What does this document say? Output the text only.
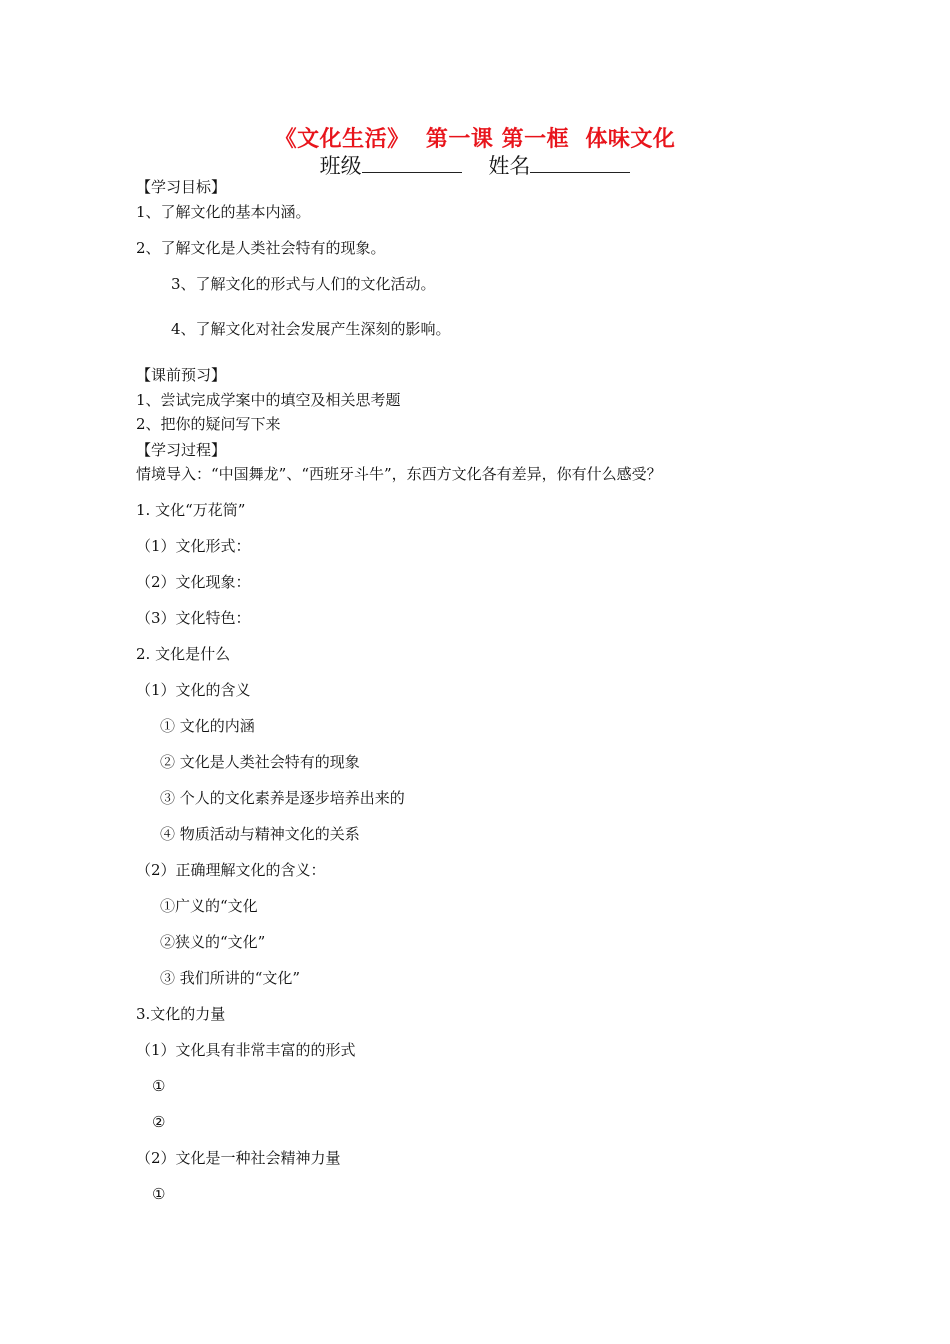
《文化生活》  第一课 第一框  体味文化
班级	姓名
【学习目标】
1、了解文化的基本内涵。
2、了解文化是人类社会特有的现象。
3、了解文化的形式与人们的文化活动。
4、了解文化对社会发展产生深刻的影响。
【课前预习】
1、尝试完成学案中的填空及相关思考题
2、把你的疑问写下来
【学习过程】
情境导入：“中国舞龙”、“西班牙斗牛”，东西方文化各有差异，你有什么感受？
1. 文化“万花筒”
（1）文化形式：
（2）文化现象：
（3）文化特色：
2. 文化是什么
（1）文化的含义
① 文化的内涵
② 文化是人类社会特有的现象
③ 个人的文化素养是逐步培养出来的
④ 物质活动与精神文化的关系
（2）正确理解文化的含义：
①广义的“文化
②狭义的“文化”
③ 我们所讲的“文化”
3.文化的力量
（1）文化具有非常丰富的的形式
①
②
（2）文化是一种社会精神力量
①
